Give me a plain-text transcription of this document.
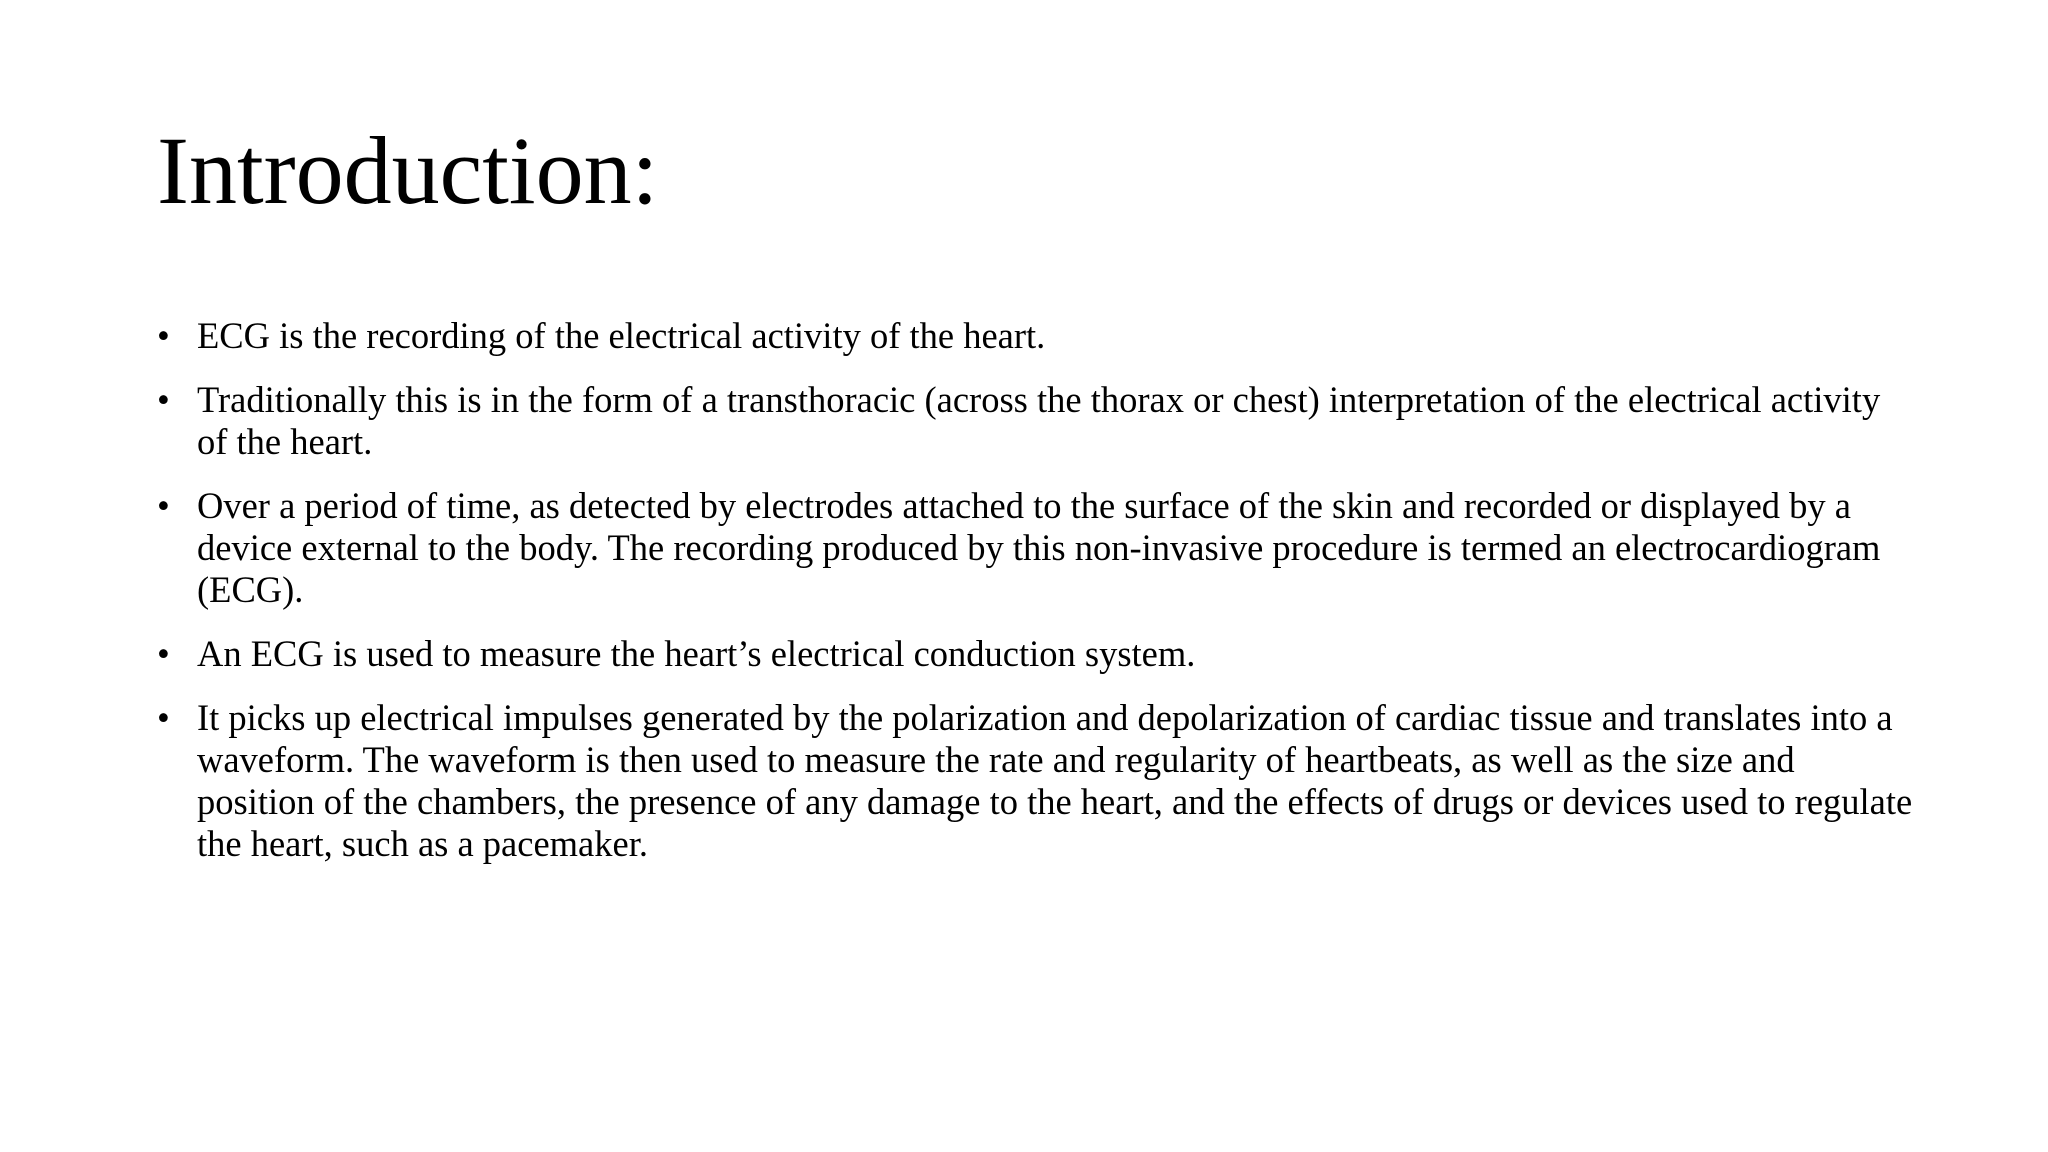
Introduction:
• ECG is the recording of the electrical activity of the heart.
• Traditionally this is in the form of a transthoracic (across the thorax or chest) interpretation of the electrical activity of the heart.
• Over a period of time, as detected by electrodes attached to the surface of the skin and recorded or displayed by a device external to the body. The recording produced by this non-invasive procedure is termed an electrocardiogram (ECG).
• An ECG is used to measure the heart’s electrical conduction system.
• It picks up electrical impulses generated by the polarization and depolarization of cardiac tissue and translates into a waveform. The waveform is then used to measure the rate and regularity of heartbeats, as well as the size and position of the chambers, the presence of any damage to the heart, and the effects of drugs or devices used to regulate the heart, such as a pacemaker.
